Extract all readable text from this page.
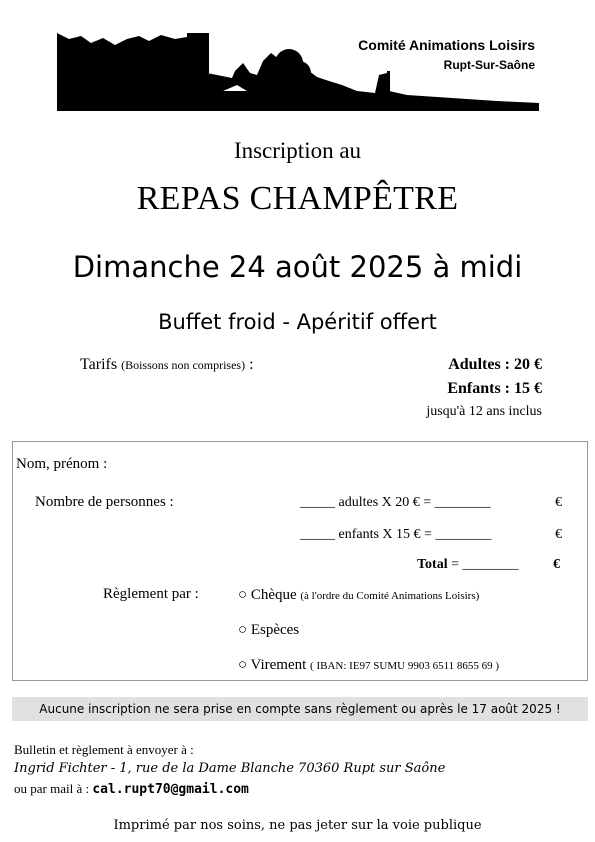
Comité Animations Loisirs
Rupt-Sur-Saône
Inscription au
REPAS CHAMPÊTRE
Dimanche 24 août 2025 à midi
Buffet froid - Apéritif offert
Tarifs (Boissons non comprises) :	Adultes : 20 €
Enfants : 15 €
jusqu'à 12 ans inclus
Nom, prénom :
Nombre de personnes :	_____ adultes X 20 € = ________	€
_____ enfants X 15 € = ________	€
Total = ________ €
Règlement par :	○ Chèque (à l'ordre du Comité Animations Loisirs)
○ Espèces
○ Virement ( IBAN: IE97 SUMU 9903 6511 8655 69 )
Aucune inscription ne sera prise en compte sans règlement ou après le 17 août 2025 !
Bulletin et règlement à envoyer à :
Ingrid Fichter - 1, rue de la Dame Blanche 70360 Rupt sur Saône
ou par mail à : cal.rupt70@gmail.com
Imprimé par nos soins, ne pas jeter sur la voie publique
